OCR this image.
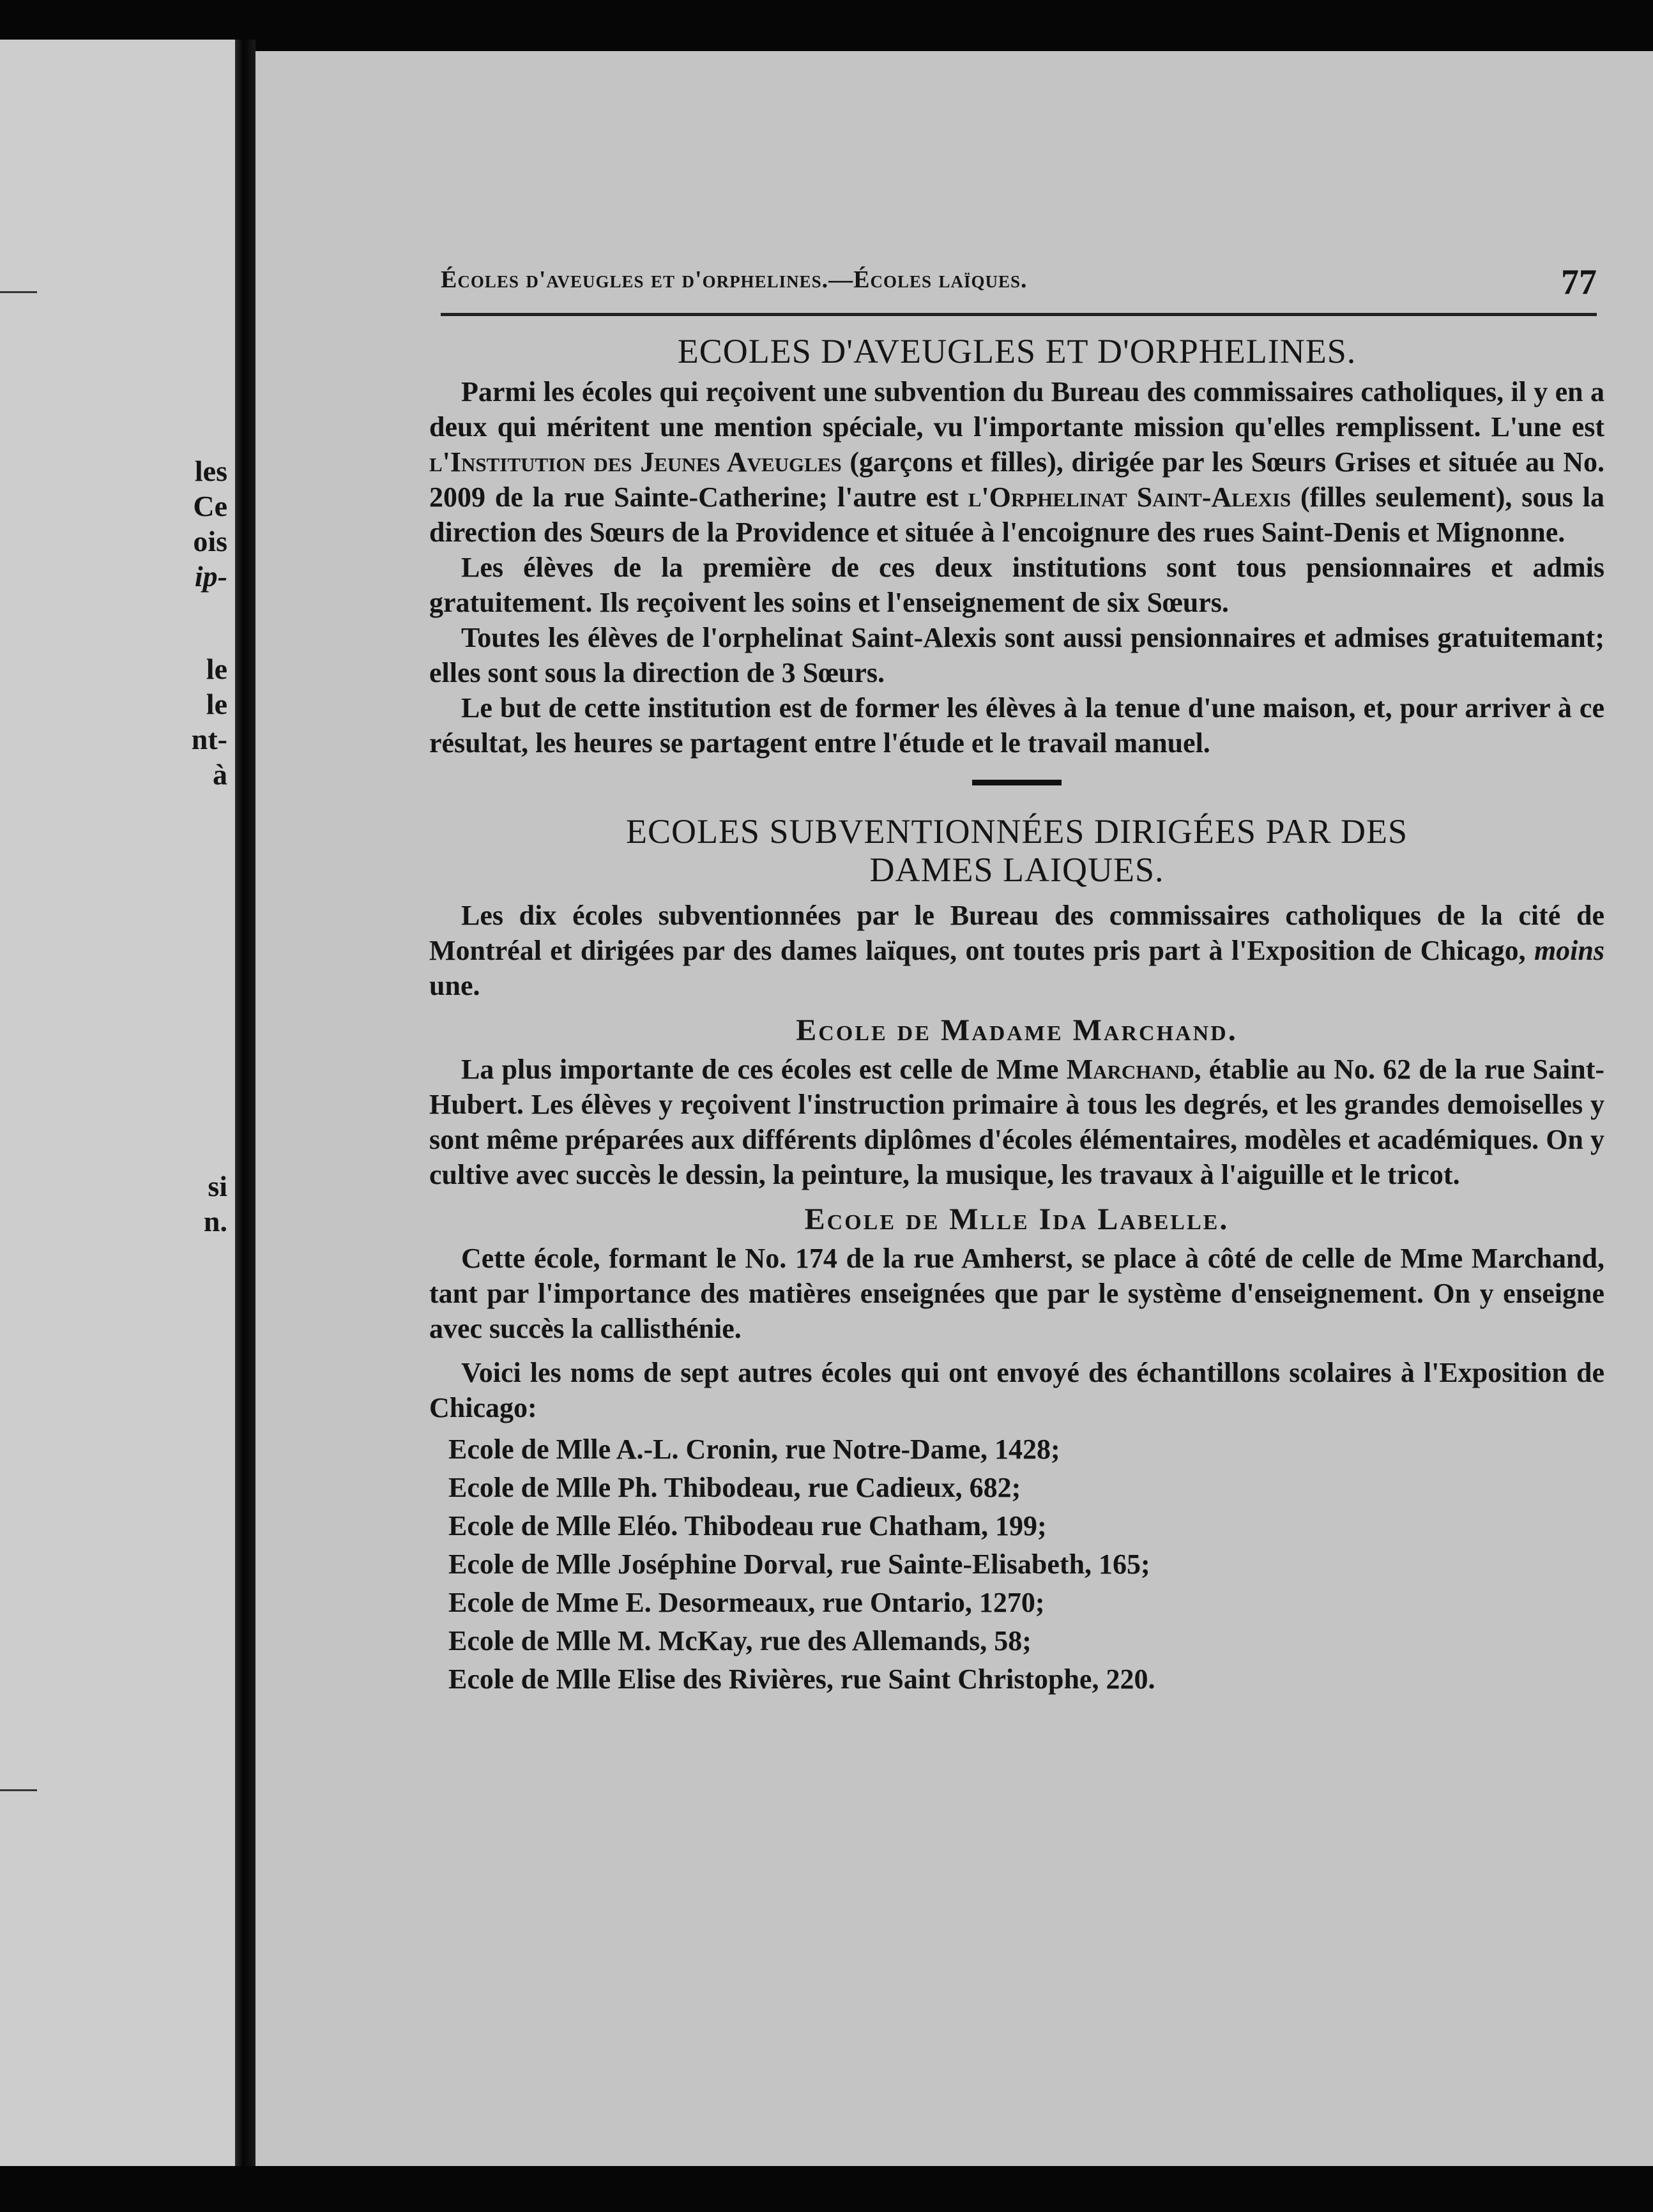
les
Ce
ois
ip-
le
le
nt-
à
si
n.
Écoles d'aveugles et d'orphelines.—Écoles laïques.	77
ECOLES D'AVEUGLES ET D'ORPHELINES.

Parmi les écoles qui reçoivent une subvention du Bureau des commissaires catholiques, il y en a deux qui méritent une mention spéciale, vu l'importante mission qu'elles remplissent. L'une est l'Institution des Jeunes Aveugles (garçons et filles), dirigée par les Sœurs Grises et située au No. 2009 de la rue Sainte-Catherine; l'autre est l'Orphelinat Saint-Alexis (filles seulement), sous la direction des Sœurs de la Providence et située à l'encoignure des rues Saint-Denis et Mignonne.

Les élèves de la première de ces deux institutions sont tous pensionnaires et admis gratuitement. Ils reçoivent les soins et l'enseignement de six Sœurs.

Toutes les élèves de l'orphelinat Saint-Alexis sont aussi pensionnaires et admises gratuitemant; elles sont sous la direction de 3 Sœurs.

Le but de cette institution est de former les élèves à la tenue d'une maison, et, pour arriver à ce résultat, les heures se partagent entre l'étude et le travail manuel.

ECOLES SUBVENTIONNÉES DIRIGÉES PAR DES
DAMES LAIQUES.

Les dix écoles subventionnées par le Bureau des commissaires catholiques de la cité de Montréal et dirigées par des dames laïques, ont toutes pris part à l'Exposition de Chicago, moins une.

Ecole de Madame Marchand.

La plus importante de ces écoles est celle de Mme Marchand, établie au No. 62 de la rue Saint-Hubert. Les élèves y reçoivent l'instruction primaire à tous les degrés, et les grandes demoiselles y sont même préparées aux différents diplômes d'écoles élémentaires, modèles et académiques. On y cultive avec succès le dessin, la peinture, la musique, les travaux à l'aiguille et le tricot.

Ecole de Mlle Ida Labelle.

Cette école, formant le No. 174 de la rue Amherst, se place à côté de celle de Mme Marchand, tant par l'importance des matières enseignées que par le système d'enseignement. On y enseigne avec succès la callisthénie.

Voici les noms de sept autres écoles qui ont envoyé des échantillons scolaires à l'Exposition de Chicago:

Ecole de Mlle A.-L. Cronin, rue Notre-Dame, 1428;
Ecole de Mlle Ph. Thibodeau, rue Cadieux, 682;
Ecole de Mlle Eléo. Thibodeau rue Chatham, 199;
Ecole de Mlle Joséphine Dorval, rue Sainte-Elisabeth, 165;
Ecole de Mme E. Desormeaux, rue Ontario, 1270;
Ecole de Mlle M. McKay, rue des Allemands, 58;
Ecole de Mlle Elise des Rivières, rue Saint Christophe, 220.
